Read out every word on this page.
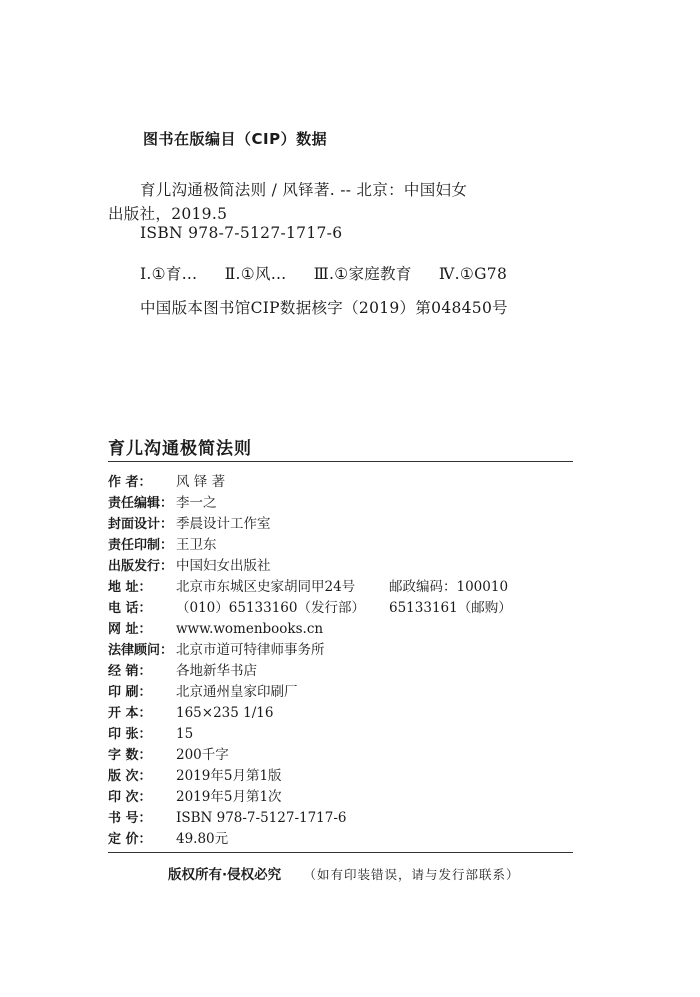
图书在版编目（CIP）数据
育儿沟通极简法则 / 风铎著. -- 北京：中国妇女
出版社，2019.5
ISBN 978-7-5127-1717-6
Ⅰ.①育… Ⅱ.①风… Ⅲ.①家庭教育 Ⅳ.①G78
中国版本图书馆CIP数据核字（2019）第048450号
育儿沟通极简法则
作 者： 风 铎 著
责任编辑： 李一之
封面设计： 季晨设计工作室
责任印制： 王卫东
出版发行： 中国妇女出版社
地 址： 北京市东城区史家胡同甲24号	邮政编码：100010
电 话： （010）65133160（发行部） 65133161（邮购）
网 址： www.womenbooks.cn
法律顾问： 北京市道可特律师事务所
经 销： 各地新华书店
印 刷： 北京通州皇家印刷厂
开 本： 165×235 1/16
印 张： 15
字 数： 200千字
版 次： 2019年5月第1版
印 次： 2019年5月第1次
书 号： ISBN 978-7-5127-1717-6
定 价： 49.80元
版权所有·侵权必究 （如有印装错误，请与发行部联系）
